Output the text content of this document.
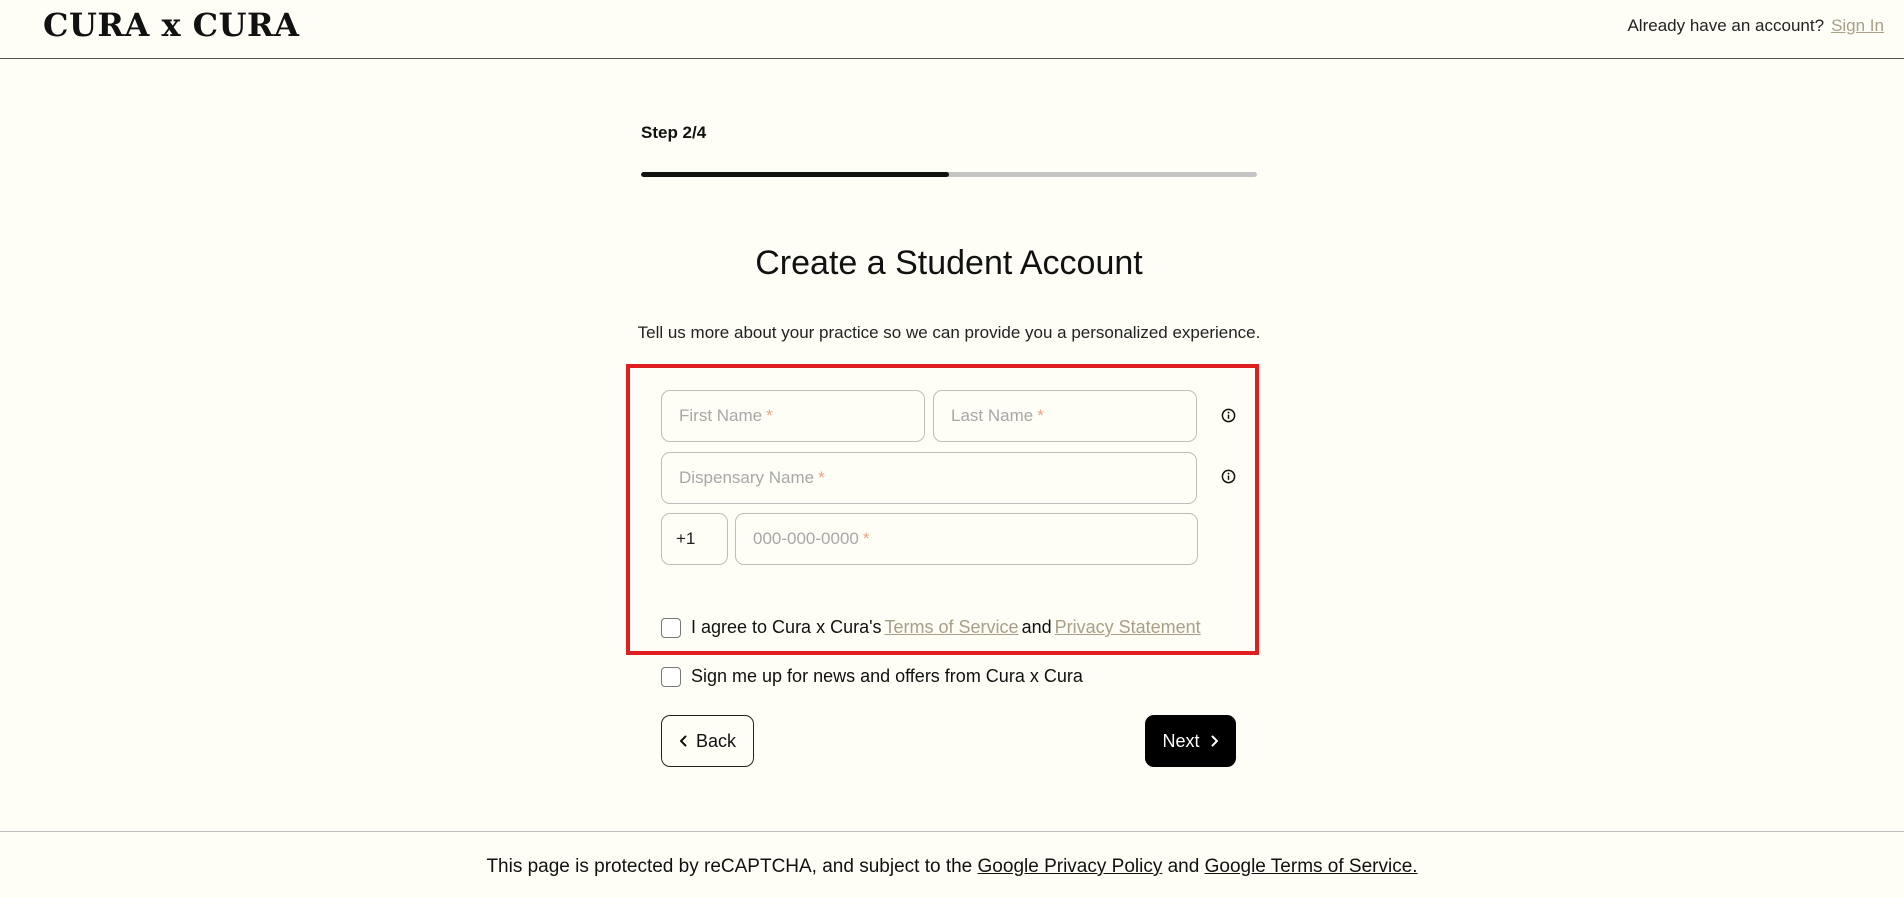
CURA x CURA	Already have an account? Sign In
Step 2/4
Create a Student Account
Tell us more about your practice so we can provide you a personalized experience.
First Name *	Last Name *
Dispensary Name *
+1	000-000-0000 *
I agree to Cura x Cura's Terms of Service and Privacy Statement
Sign me up for news and offers from Cura x Cura
Back	Next
This page is protected by reCAPTCHA, and subject to the Google Privacy Policy and Google Terms of Service.
